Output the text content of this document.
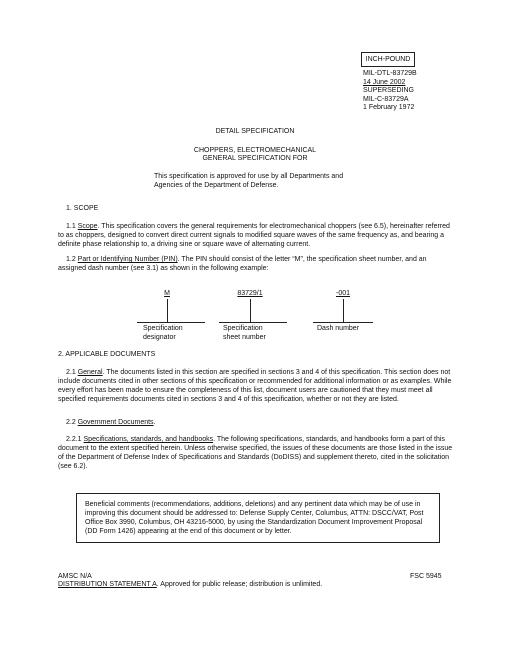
INCH-POUND
MIL-DTL-83729B
14 June 2002
SUPERSEDING
MIL-C-83729A
1 February 1972
DETAIL SPECIFICATION
CHOPPERS, ELECTROMECHANICAL
GENERAL SPECIFICATION FOR
This specification is approved for use by all Departments and
Agencies of the Department of Defense.
1. SCOPE
1.1 Scope. This specification covers the general requirements for electromechanical choppers (see 6.5), hereinafter referred to as choppers, designed to convert direct current signals to modified square waves of the same frequency as, and bearing a definite phase relationship to, a driving sine or square wave of alternating current.
1.2 Part or Identifying Number (PIN). The PIN should consist of the letter “M”, the specification sheet number, and an assigned dash number (see 3.1) as shown in the following example:
M	83729/1	-001
Specification
designator
Specification
sheet number
Dash number
2. APPLICABLE DOCUMENTS
2.1 General. The documents listed in this section are specified in sections 3 and 4 of this specification. This section does not include documents cited in other sections of this specification or recommended for additional information or as examples. While every effort has been made to ensure the completeness of this list, document users are cautioned that they must meet all specified requirements documents cited in sections 3 and 4 of this specification, whether or not they are listed.
2.2 Government Documents.
2.2.1 Specifications, standards, and handbooks. The following specifications, standards, and handbooks form a part of this document to the extent specified herein. Unless otherwise specified, the issues of these documents are those listed in the issue of the Department of Defense Index of Specifications and Standards (DoDISS) and supplement thereto, cited in the solicitation (see 6.2).
Beneficial comments (recommendations, additions, deletions) and any pertinent data which may be of use in improving this document should be addressed to: Defense Supply Center, Columbus, ATTN: DSCC/VAT, Post Office Box 3990, Columbus, OH 43216-5000, by using the Standardization Document Improvement Proposal (DD Form 1426) appearing at the end of this document or by letter.
AMSC N/A	FSC 5945
DISTRIBUTION STATEMENT A. Approved for public release; distribution is unlimited.
